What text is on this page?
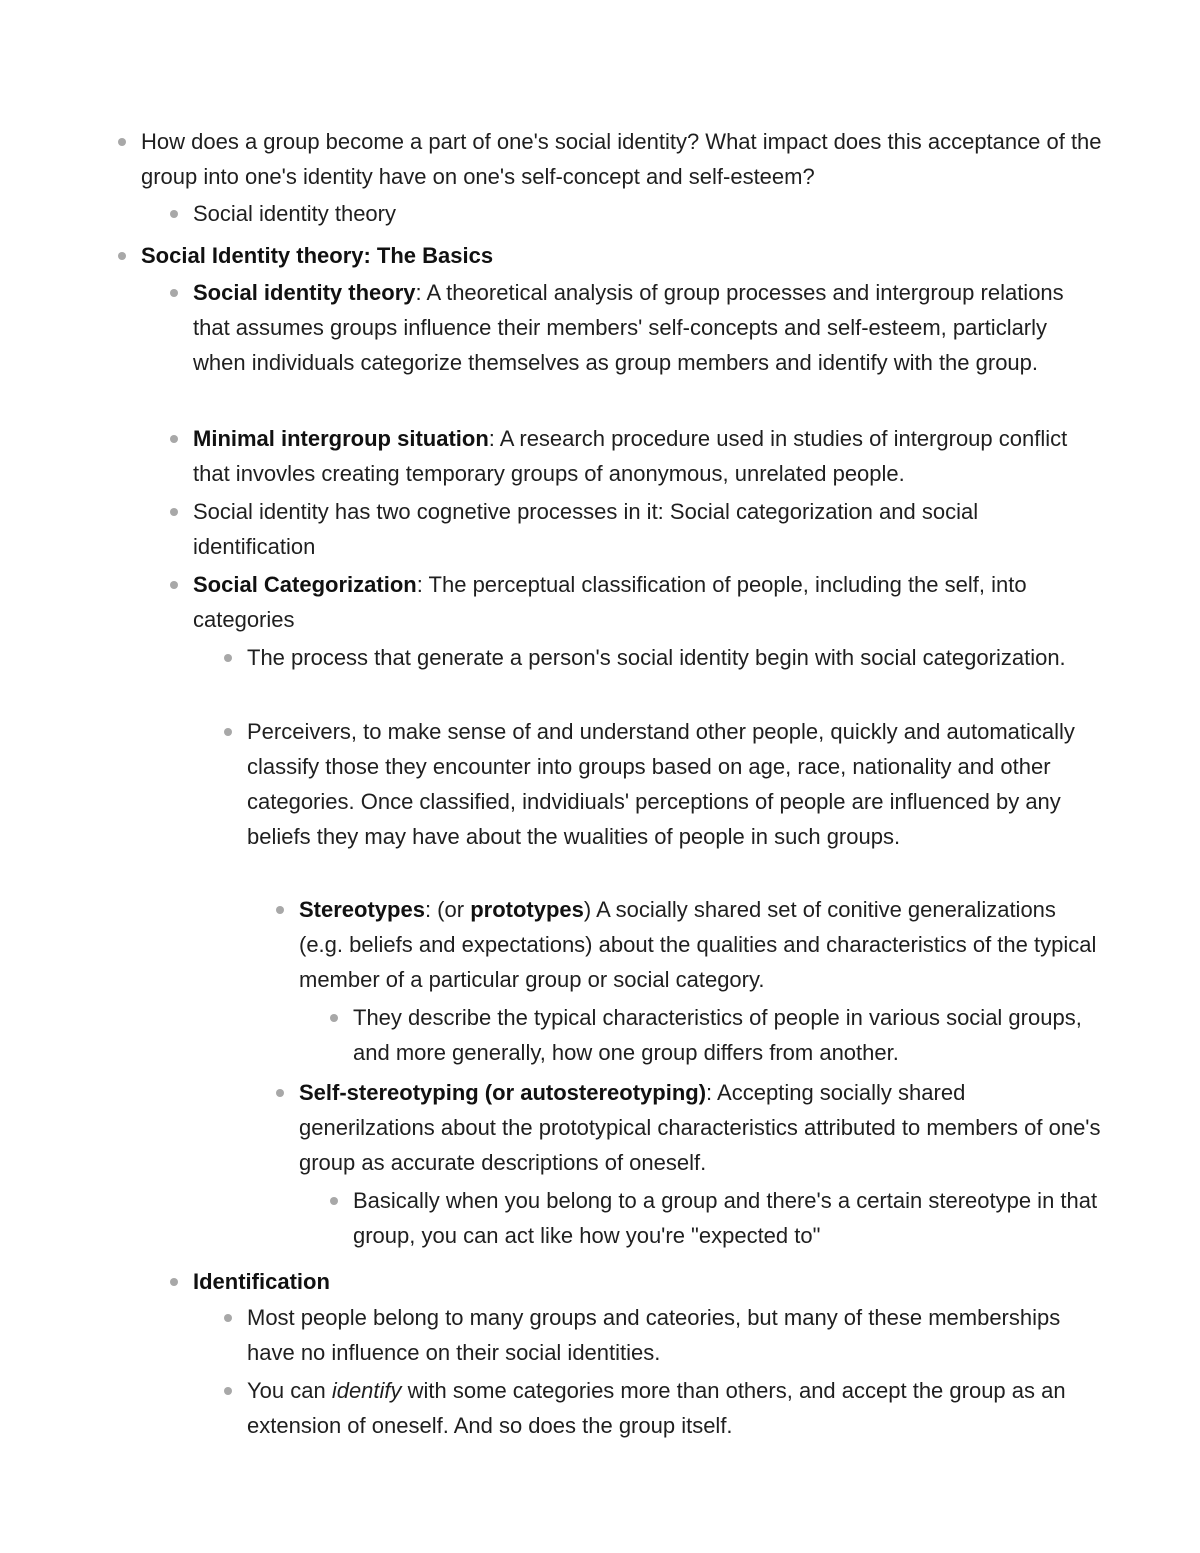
How does a group become a part of one's social identity? What impact does this acceptance of the group into one's identity have on one's self-concept and self-esteem?
Social identity theory
Social Identity theory: The Basics
Social identity theory: A theoretical analysis of group processes and intergroup relations that assumes groups influence their members' self-concepts and self-esteem, particlarly when individuals categorize themselves as group members and identify with the group.
Minimal intergroup situation: A research procedure used in studies of intergroup conflict that invovles creating temporary groups of anonymous, unrelated people.
Social identity has two cognetive processes in it: Social categorization and social identification
Social Categorization: The perceptual classification of people, including the self, into categories
The process that generate a person's social identity begin with social categorization.
Perceivers, to make sense of and understand other people, quickly and automatically classify those they encounter into groups based on age, race, nationality and other categories. Once classified, indvidiuals' perceptions of people are influenced by any beliefs they may have about the wualities of people in such groups.
Stereotypes: (or prototypes) A socially shared set of conitive generalizations (e.g. beliefs and expectations) about the qualities and characteristics of the typical member of a particular group or social category.
They describe the typical characteristics of people in various social groups, and more generally, how one group differs from another.
Self-stereotyping (or autostereotyping): Accepting socially shared generilzations about the prototypical characteristics attributed to members of one's group as accurate descriptions of oneself.
Basically when you belong to a group and there's a certain stereotype in that group, you can act like how you're "expected to"
Identification
Most people belong to many groups and cateories, but many of these memberships have no influence on their social identities.
You can identify with some categories more than others, and accept the group as an extension of oneself. And so does the group itself.
